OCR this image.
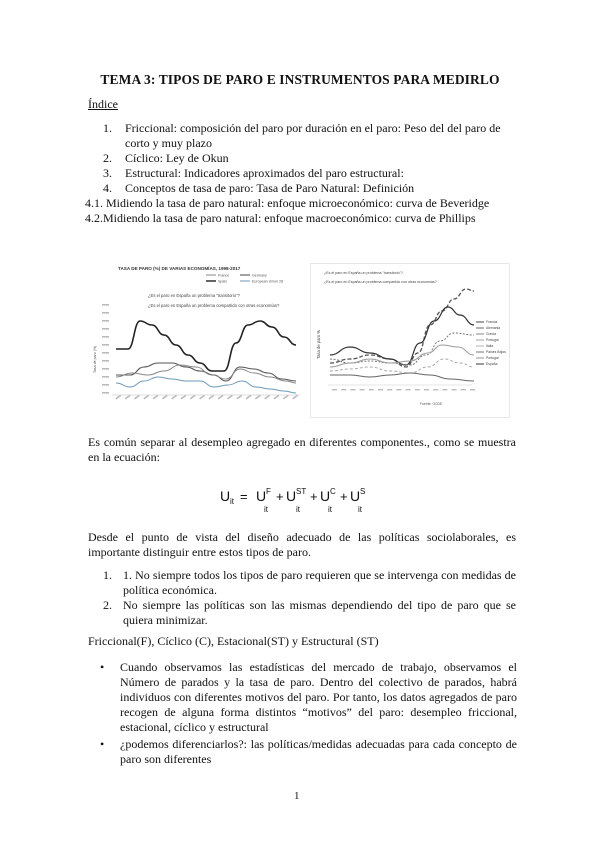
TEMA 3: TIPOS DE PARO E INSTRUMENTOS PARA MEDIRLO
Índice
1.	Friccional: composición del paro por duración en el paro: Peso del del paro de corto y muy plazo
2.	Cíclico: Ley de Okun
3.	Estructural: Indicadores aproximados del paro estructural:
4.	Conceptos de tasa de paro: Tasa de Paro Natural: Definición
4.1. Midiendo la tasa de paro natural: enfoque microeconómico: curva de Beveridge
4.2. Midiendo la tasa de paro natural: enfoque macroeconómico: curva de Phillips
TASA DE PARO (%) DE VARIAS ECONOMÍAS, 1998-2017
France	Germany
Spain	European Union 28
¿Es el paro en España un problema "transitorio"?
¿Es el paro en España un problema compartido con otras economías?
Tasa de paro (%)
¿Es el paro en España un problema "transitorio"?
¿Es el paro en España un problema compartido con otras economías?
Tasa de paro %
Francia
Alemania
Grecia
Portugal
Italia
Países Bajos
Portugal
España
Fuente: OCDE
Es común separar al desempleo agregado en diferentes componentes., como se muestra en la ecuación:
U it = U F
it
+ U ST
it
+ U C
it
+ U S
it
Desde el punto de vista del diseño adecuado de las políticas sociolaborales, es importante distinguir entre estos tipos de paro.
1. 1. No siempre todos los tipos de paro requieren que se intervenga con medidas de política económica.
2. No siempre las políticas son las mismas dependiendo del tipo de paro que se quiera minimizar.
Friccional(F), Cíclico (C), Estacional(ST) y Estructural (ST)
•	Cuando observamos las estadísticas del mercado de trabajo, observamos el Número de parados y la tasa de paro. Dentro del colectivo de parados, habrá individuos con diferentes motivos del paro. Por tanto, los datos agregados de paro recogen de alguna forma distintos “motivos” del paro: desempleo friccional, estacional, cíclico y estructural
•	¿podemos diferenciarlos?: las políticas/medidas adecuadas para cada concepto de paro son diferentes
1
